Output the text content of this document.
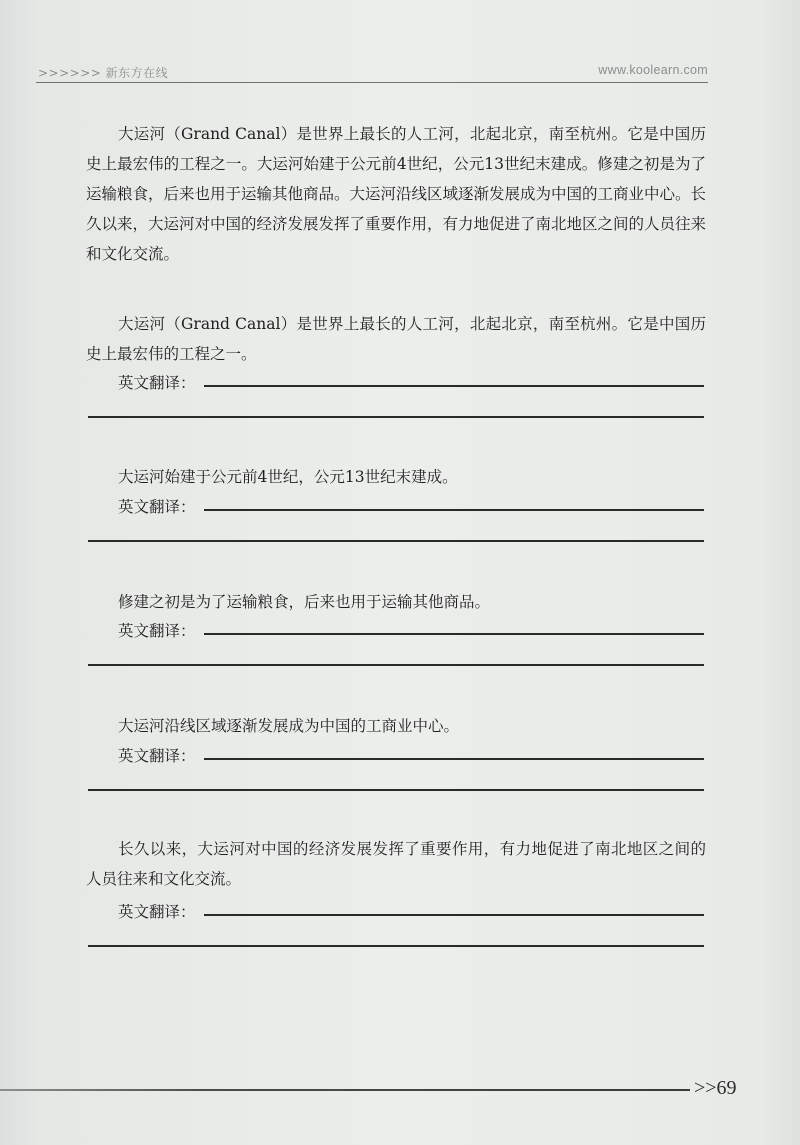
>>>>>> 新东方在线	www.koolearn.com

大运河（Grand Canal）是世界上最长的人工河，北起北京，南至杭州。它是中国历史上最宏伟的工程之一。大运河始建于公元前4世纪，公元13世纪末建成。修建之初是为了运输粮食，后来也用于运输其他商品。大运河沿线区域逐渐发展成为中国的工商业中心。长久以来，大运河对中国的经济发展发挥了重要作用，有力地促进了南北地区之间的人员往来和文化交流。

大运河（Grand Canal）是世界上最长的人工河，北起北京，南至杭州。它是中国历史上最宏伟的工程之一。

英文翻译：

大运河始建于公元前4世纪，公元13世纪末建成。

英文翻译：

修建之初是为了运输粮食，后来也用于运输其他商品。

英文翻译：

大运河沿线区域逐渐发展成为中国的工商业中心。

英文翻译：

长久以来，大运河对中国的经济发展发挥了重要作用，有力地促进了南北地区之间的人员往来和文化交流。

英文翻译：
>>69
